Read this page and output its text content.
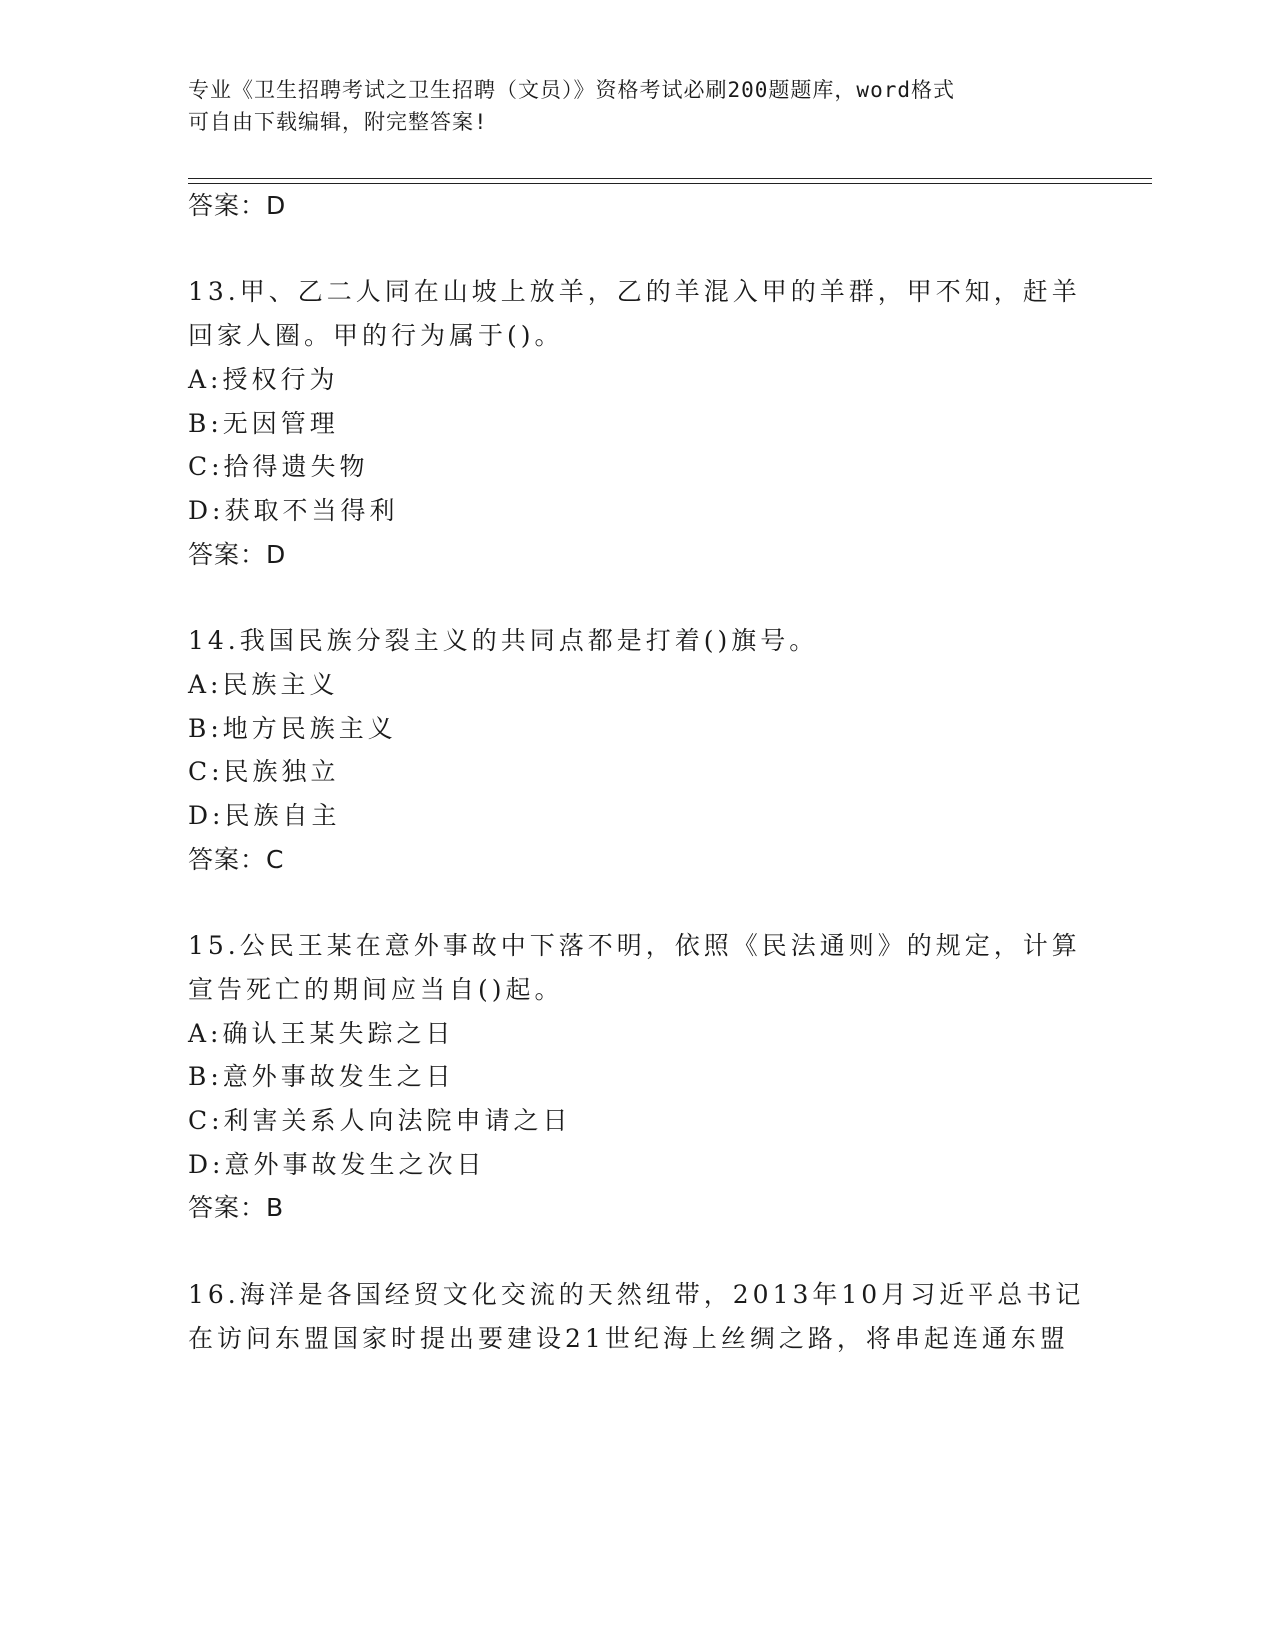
专业《卫生招聘考试之卫生招聘（文员）》资格考试必刷200题题库，word格式
可自由下载编辑，附完整答案!
答案：D
13.甲、乙二人同在山坡上放羊，乙的羊混入甲的羊群，甲不知，赶羊
回家人圈。甲的行为属于()。
A:授权行为
B:无因管理
C:拾得遗失物
D:获取不当得利
答案：D
14.我国民族分裂主义的共同点都是打着()旗号。
A:民族主义
B:地方民族主义
C:民族独立
D:民族自主
答案：C
15.公民王某在意外事故中下落不明，依照《民法通则》的规定，计算
宣告死亡的期间应当自()起。
A:确认王某失踪之日
B:意外事故发生之日
C:利害关系人向法院申请之日
D:意外事故发生之次日
答案：B
16.海洋是各国经贸文化交流的天然纽带，2013年10月习近平总书记
在访问东盟国家时提出要建设21世纪海上丝绸之路，将串起连通东盟
